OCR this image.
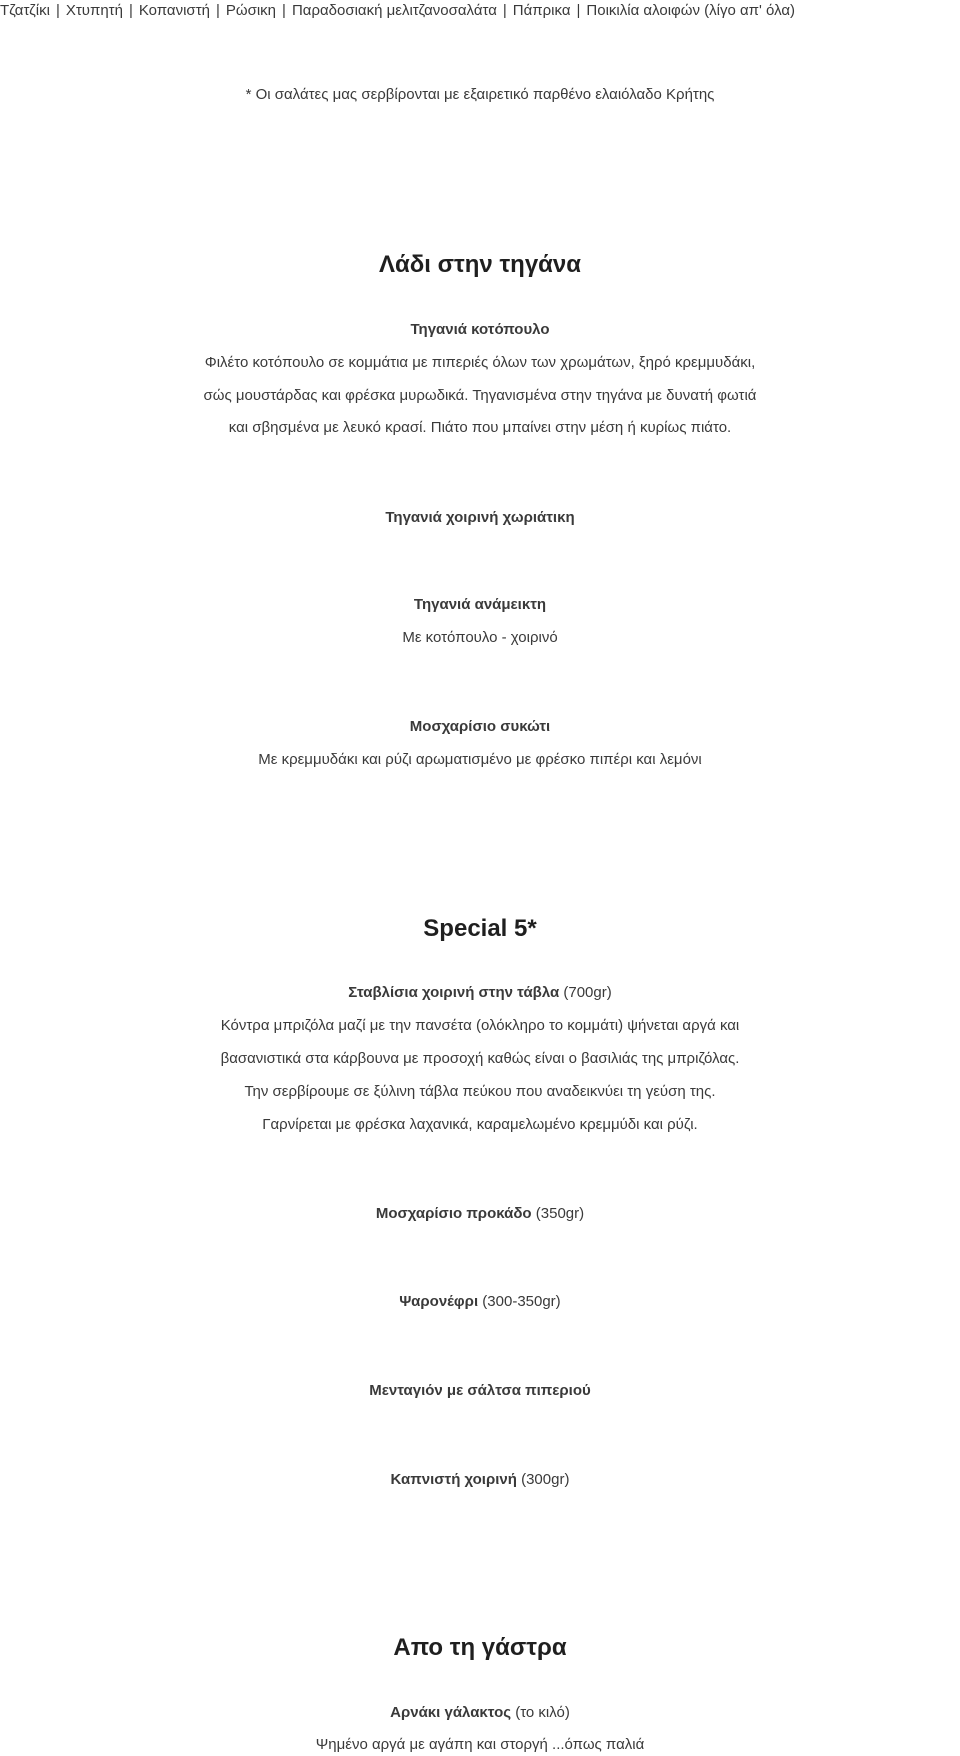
Τζατζίκι | Χτυπητή | Κοπανιστή | Ρώσικη | Παραδοσιακή μελιτζανοσαλάτα | Πάπρικα | Ποικιλία αλοιφών (λίγο απ' όλα)
* Οι σαλάτες μας σερβίρονται με εξαιρετικό παρθένο ελαιόλαδο Κρήτης
Λάδι στην τηγάνα
Τηγανιά κοτόπουλο
Φιλέτο κοτόπουλο σε κομμάτια με πιπεριές όλων των χρωμάτων, ξηρό κρεμμυδάκι,
σώς μουστάρδας και φρέσκα μυρωδικά. Τηγανισμένα στην τηγάνα με δυνατή φωτιά
και σβησμένα με λευκό κρασί. Πιάτο που μπαίνει στην μέση ή κυρίως πιάτο.
Τηγανιά χοιρινή χωριάτικη
Τηγανιά ανάμεικτη
Με κοτόπουλο - χοιρινό
Μοσχαρίσιο συκώτι
Με κρεμμυδάκι και ρύζι αρωματισμένο με φρέσκο πιπέρι και λεμόνι
Special 5*
Σταβλίσια χοιρινή στην τάβλα (700gr)
Κόντρα μπριζόλα μαζί με την πανσέτα (ολόκληρο το κομμάτι) ψήνεται αργά και
βασανιστικά στα κάρβουνα με προσοχή καθώς είναι ο βασιλιάς της μπριζόλας.
Την σερβίρουμε σε ξύλινη τάβλα πεύκου που αναδεικνύει τη γεύση της.
Γαρνίρεται με φρέσκα λαχανικά, καραμελωμένο κρεμμύδι και ρύζι.
Μοσχαρίσιο προκάδο (350gr)
Ψαρονέφρι (300-350gr)
Μενταγιόν με σάλτσα πιπεριού
Καπνιστή χοιρινή (300gr)
Απο τη γάστρα
Αρνάκι γάλακτος (το κιλό)
Ψημένο αργά με αγάπη και στοργή ...όπως παλιά
